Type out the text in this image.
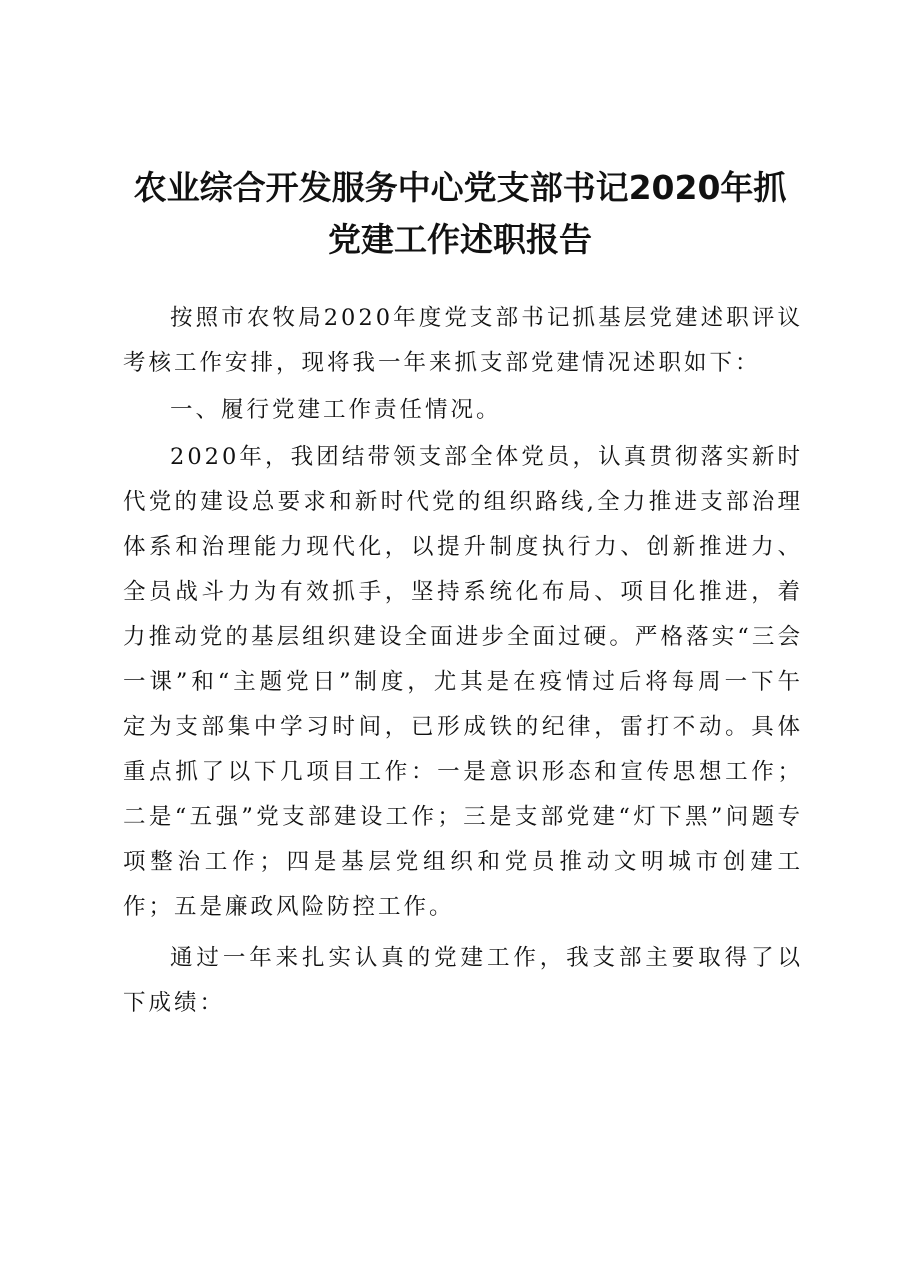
农业综合开发服务中心党支部书记2020年抓
党建工作述职报告

按照市农牧局2020年度党支部书记抓基层党建述职评议考核工作安排，现将我一年来抓支部党建情况述职如下：

一、履行党建工作责任情况。

2020年，我团结带领支部全体党员，认真贯彻落实新时代党的建设总要求和新时代党的组织路线,全力推进支部治理体系和治理能力现代化，以提升制度执行力、创新推进力、全员战斗力为有效抓手，坚持系统化布局、项目化推进，着力推动党的基层组织建设全面进步全面过硬。严格落实“三会一课”和“主题党日”制度，尤其是在疫情过后将每周一下午定为支部集中学习时间，已形成铁的纪律，雷打不动。具体重点抓了以下几项目工作：一是意识形态和宣传思想工作；二是“五强”党支部建设工作；三是支部党建“灯下黑”问题专项整治工作；四是基层党组织和党员推动文明城市创建工作；五是廉政风险防控工作。

通过一年来扎实认真的党建工作，我支部主要取得了以下成绩：
